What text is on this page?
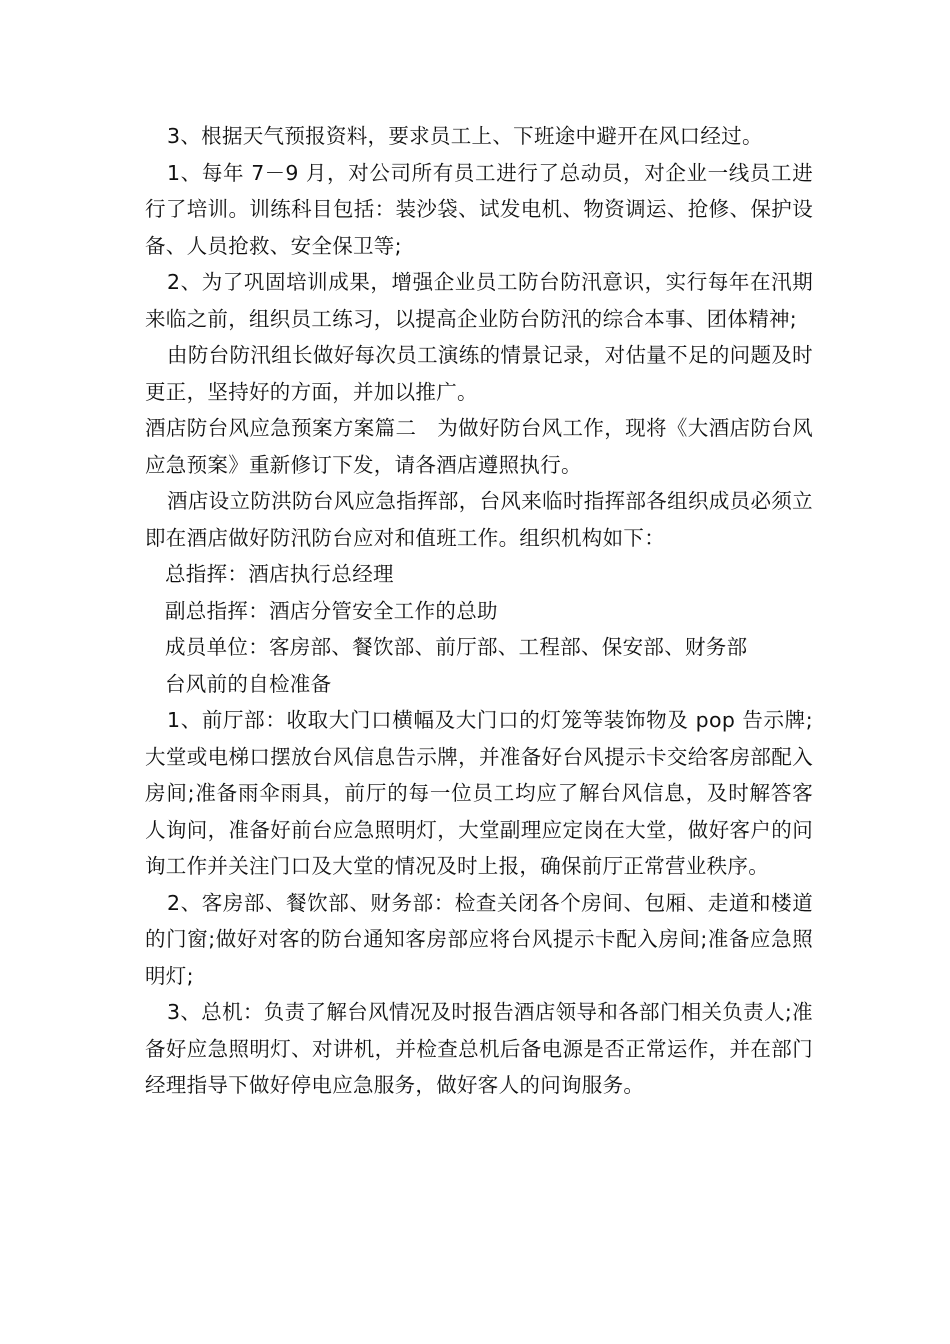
3、根据天气预报资料，要求员工上、下班途中避开在风口经过。

1、每年 7－9 月，对公司所有员工进行了总动员，对企业一线员工进行了培训。训练科目包括：装沙袋、试发电机、物资调运、抢修、保护设备、人员抢救、安全保卫等;

2、为了巩固培训成果，增强企业员工防台防汛意识，实行每年在汛期来临之前，组织员工练习，以提高企业防台防汛的综合本事、团体精神;

由防台防汛组长做好每次员工演练的情景记录，对估量不足的问题及时更正，坚持好的方面，并加以推广。

酒店防台风应急预案方案篇二　为做好防台风工作，现将《大酒店防台风应急预案》重新修订下发，请各酒店遵照执行。

酒店设立防洪防台风应急指挥部，台风来临时指挥部各组织成员必须立即在酒店做好防汛防台应对和值班工作。组织机构如下：

总指挥：酒店执行总经理

副总指挥：酒店分管安全工作的总助

成员单位：客房部、餐饮部、前厅部、工程部、保安部、财务部

台风前的自检准备

1、前厅部：收取大门口横幅及大门口的灯笼等装饰物及 pop 告示牌;大堂或电梯口摆放台风信息告示牌，并准备好台风提示卡交给客房部配入房间;准备雨伞雨具，前厅的每一位员工均应了解台风信息，及时解答客人询问，准备好前台应急照明灯，大堂副理应定岗在大堂，做好客户的问询工作并关注门口及大堂的情况及时上报，确保前厅正常营业秩序。

2、客房部、餐饮部、财务部：检查关闭各个房间、包厢、走道和楼道的门窗;做好对客的防台通知客房部应将台风提示卡配入房间;准备应急照明灯;

3、总机：负责了解台风情况及时报告酒店领导和各部门相关负责人;准备好应急照明灯、对讲机，并检查总机后备电源是否正常运作，并在部门经理指导下做好停电应急服务，做好客人的问询服务。
